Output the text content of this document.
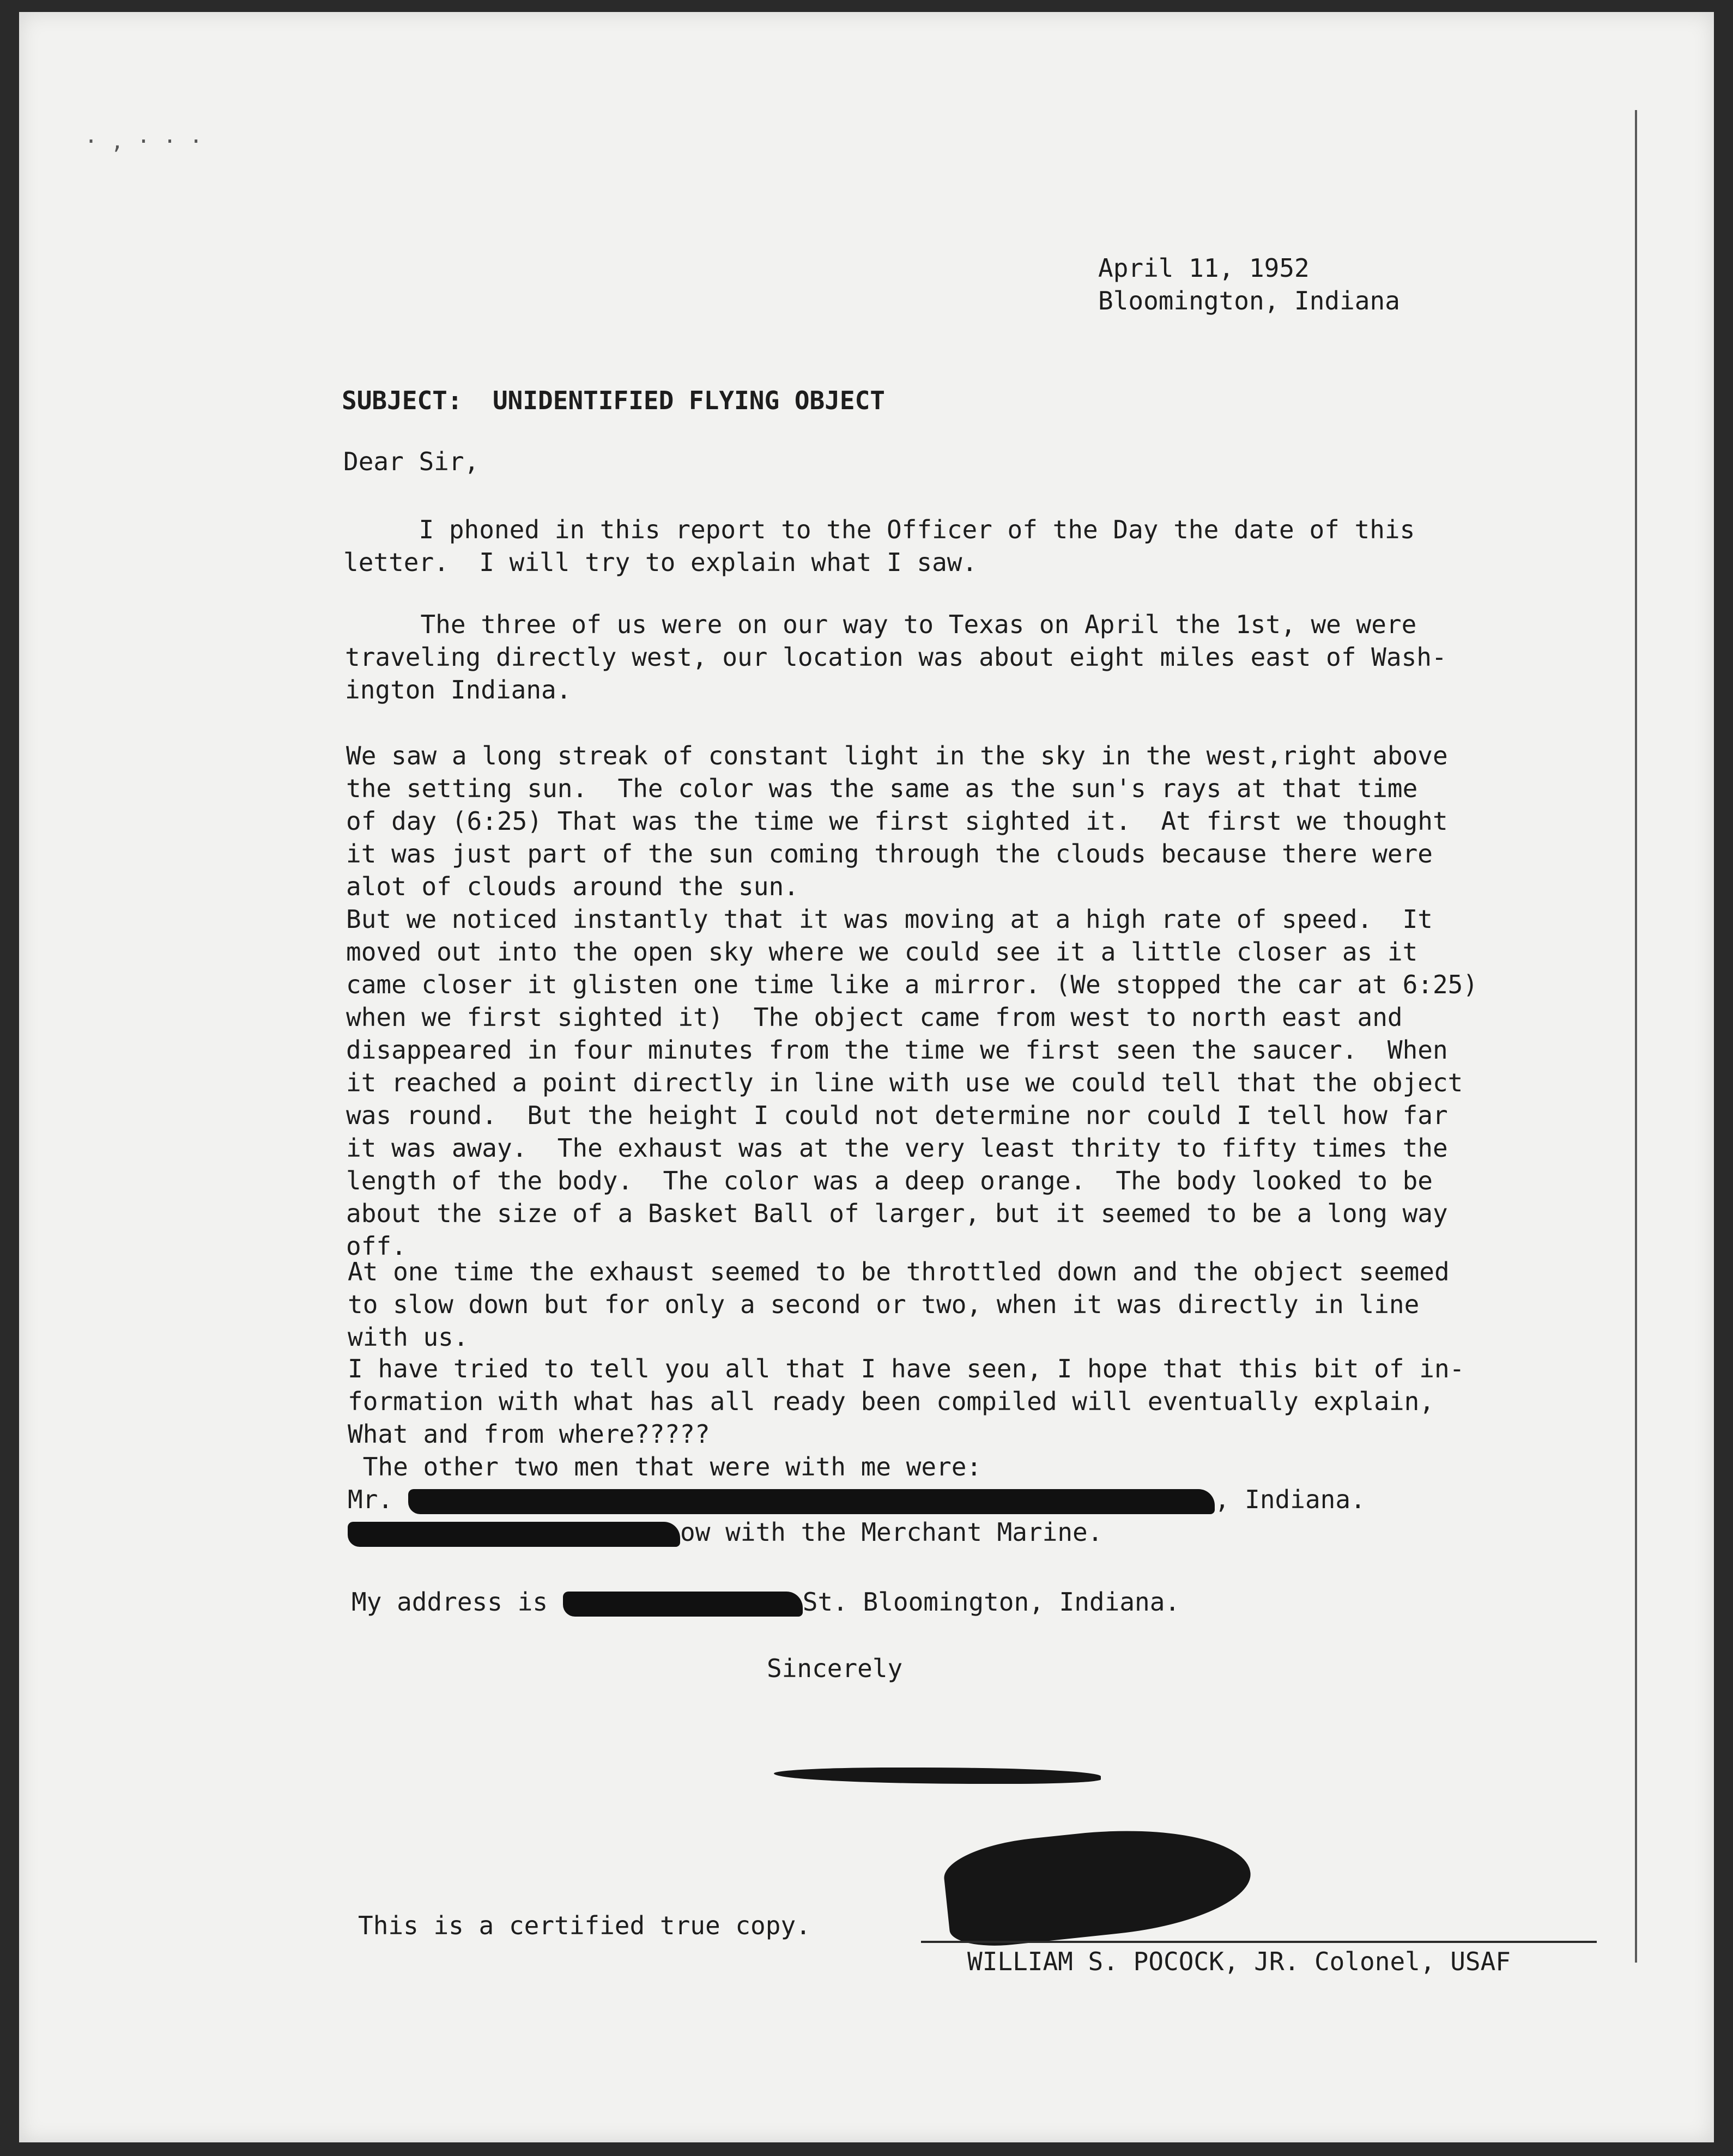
· , · · ·
April 11, 1952
Bloomington, Indiana

SUBJECT:  UNIDENTIFIED FLYING OBJECT

Dear Sir,

I phoned in this report to the Officer of the Day the date of this
letter.  I will try to explain what I saw.

The three of us were on our way to Texas on April the 1st, we were
traveling directly west, our location was about eight miles east of Wash-
ington Indiana.

We saw a long streak of constant light in the sky in the west,right above
the setting sun.  The color was the same as the sun's rays at that time
of day (6:25) That was the time we first sighted it.  At first we thought
it was just part of the sun coming through the clouds because there were
alot of clouds around the sun.
But we noticed instantly that it was moving at a high rate of speed.  It
moved out into the open sky where we could see it a little closer as it
came closer it glisten one time like a mirror. (We stopped the car at 6:25)
when we first sighted it)  The object came from west to north east and
disappeared in four minutes from the time we first seen the saucer.  When
it reached a point directly in line with use we could tell that the object
was round.  But the height I could not determine nor could I tell how far
it was away.  The exhaust was at the very least thrity to fifty times the
length of the body.  The color was a deep orange.  The body looked to be
about the size of a Basket Ball of larger, but it seemed to be a long way
off.

At one time the exhaust seemed to be throttled down and the object seemed
to slow down but for only a second or two, when it was directly in line
with us.

I have tried to tell you all that I have seen, I hope that this bit of in-
formation with what has all ready been compiled will eventually explain,
What and from where?????

The other two men that were with me were:
Mr.	, Indiana.
ow with the Merchant Marine.
My address is	St. Bloomington, Indiana.

Sincerely

This is a certified true copy.

WILLIAM S. POCOCK, JR. Colonel, USAF
